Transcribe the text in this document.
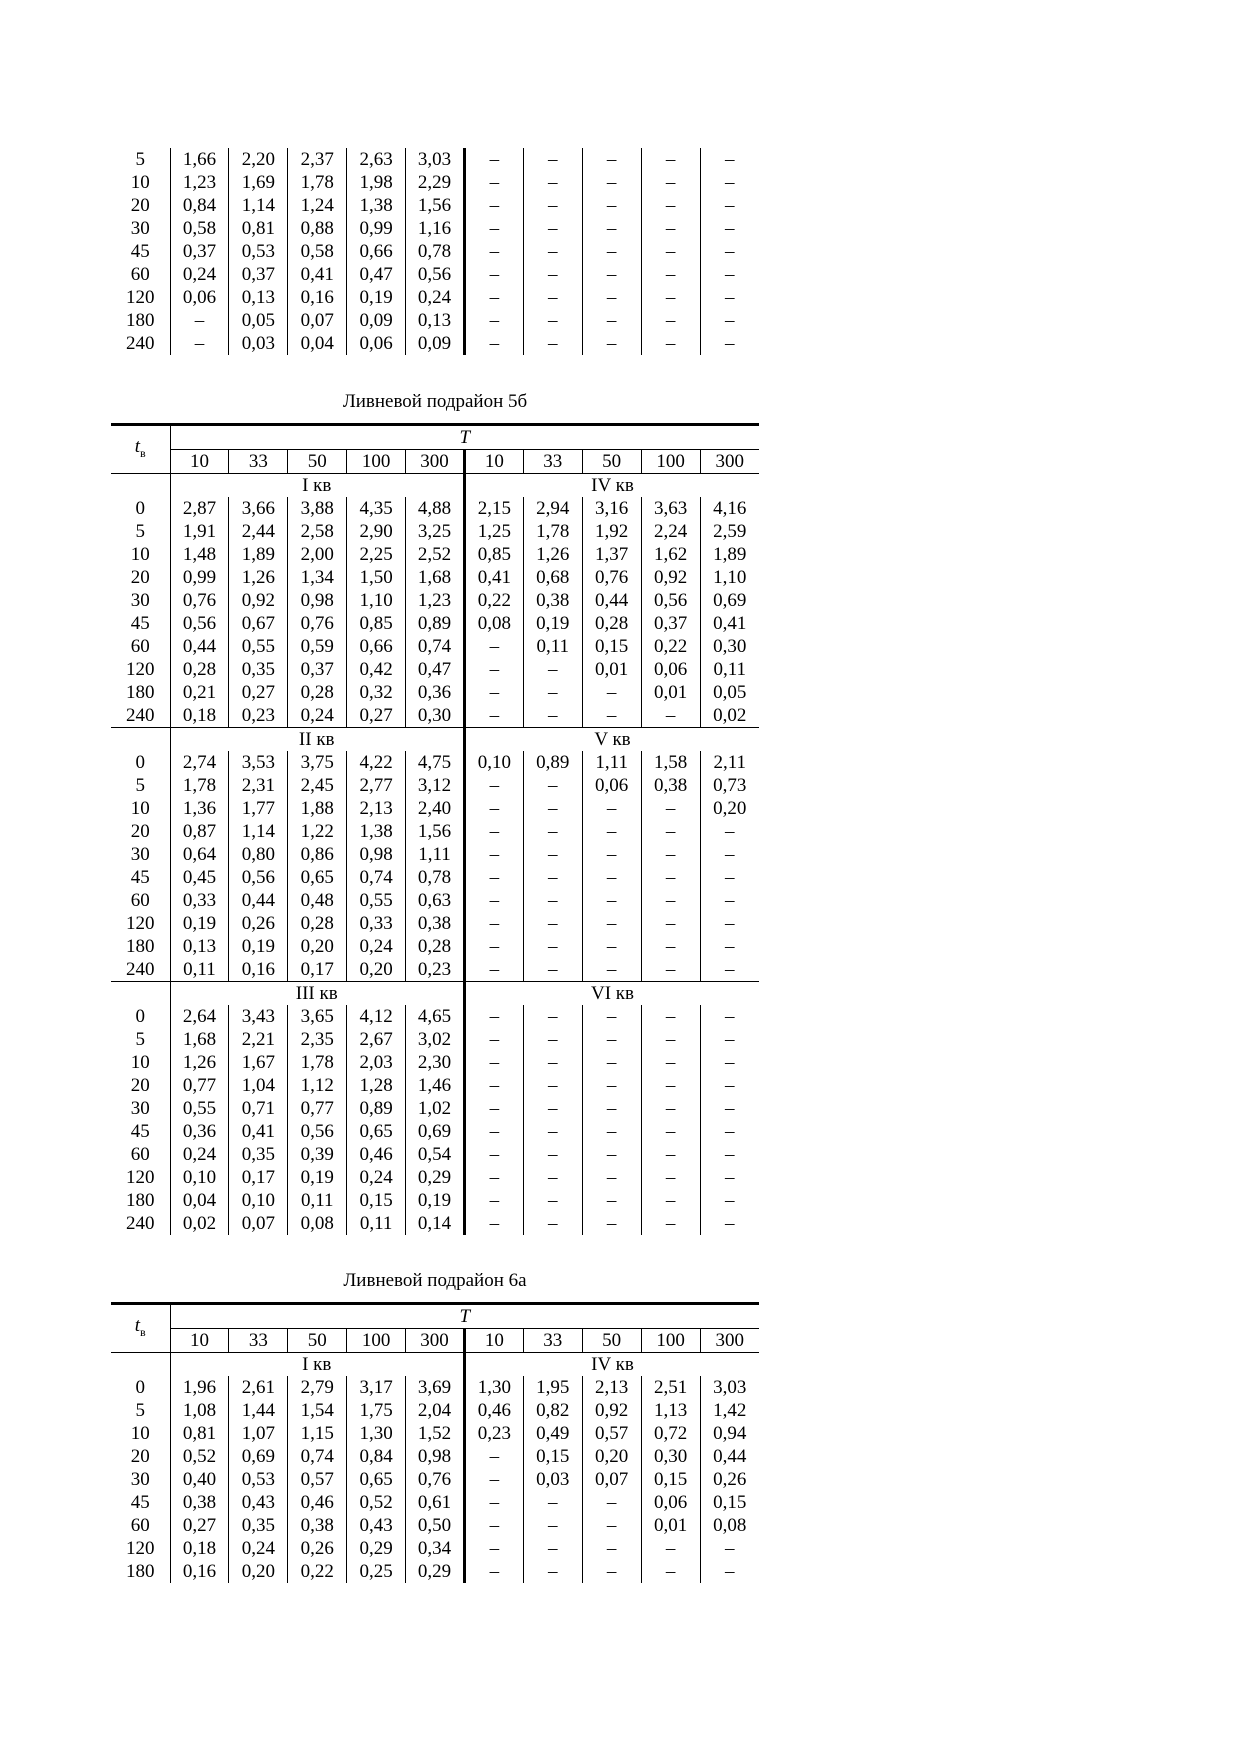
5	1,66	2,20	2,37	2,63	3,03	–	–	–	–	–
10	1,23	1,69	1,78	1,98	2,29	–	–	–	–	–
20	0,84	1,14	1,24	1,38	1,56	–	–	–	–	–
30	0,58	0,81	0,88	0,99	1,16	–	–	–	–	–
45	0,37	0,53	0,58	0,66	0,78	–	–	–	–	–
60	0,24	0,37	0,41	0,47	0,56	–	–	–	–	–
120	0,06	0,13	0,16	0,19	0,24	–	–	–	–	–
180	–	0,05	0,07	0,09	0,13	–	–	–	–	–
240	–	0,03	0,04	0,06	0,09	–	–	–	–	–
Ливневой подрайон 5б
$t_в$	T									
	10	33	50	100	300	10	33	50	100	300
	I кв					IV кв				
0	2,87	3,66	3,88	4,35	4,88	2,15	2,94	3,16	3,63	4,16
5	1,91	2,44	2,58	2,90	3,25	1,25	1,78	1,92	2,24	2,59
10	1,48	1,89	2,00	2,25	2,52	0,85	1,26	1,37	1,62	1,89
20	0,99	1,26	1,34	1,50	1,68	0,41	0,68	0,76	0,92	1,10
30	0,76	0,92	0,98	1,10	1,23	0,22	0,38	0,44	0,56	0,69
45	0,56	0,67	0,76	0,85	0,89	0,08	0,19	0,28	0,37	0,41
60	0,44	0,55	0,59	0,66	0,74	–	0,11	0,15	0,22	0,30
120	0,28	0,35	0,37	0,42	0,47	–	–	0,01	0,06	0,11
180	0,21	0,27	0,28	0,32	0,36	–	–	–	0,01	0,05
240	0,18	0,23	0,24	0,27	0,30	–	–	–	–	0,02
	II кв					V кв				
0	2,74	3,53	3,75	4,22	4,75	0,10	0,89	1,11	1,58	2,11
5	1,78	2,31	2,45	2,77	3,12	–	–	0,06	0,38	0,73
10	1,36	1,77	1,88	2,13	2,40	–	–	–	–	0,20
20	0,87	1,14	1,22	1,38	1,56	–	–	–	–	–
30	0,64	0,80	0,86	0,98	1,11	–	–	–	–	–
45	0,45	0,56	0,65	0,74	0,78	–	–	–	–	–
60	0,33	0,44	0,48	0,55	0,63	–	–	–	–	–
120	0,19	0,26	0,28	0,33	0,38	–	–	–	–	–
180	0,13	0,19	0,20	0,24	0,28	–	–	–	–	–
240	0,11	0,16	0,17	0,20	0,23	–	–	–	–	–
	III кв					VI кв				
0	2,64	3,43	3,65	4,12	4,65	–	–	–	–	–
5	1,68	2,21	2,35	2,67	3,02	–	–	–	–	–
10	1,26	1,67	1,78	2,03	2,30	–	–	–	–	–
20	0,77	1,04	1,12	1,28	1,46	–	–	–	–	–
30	0,55	0,71	0,77	0,89	1,02	–	–	–	–	–
45	0,36	0,41	0,56	0,65	0,69	–	–	–	–	–
60	0,24	0,35	0,39	0,46	0,54	–	–	–	–	–
120	0,10	0,17	0,19	0,24	0,29	–	–	–	–	–
180	0,04	0,10	0,11	0,15	0,19	–	–	–	–	–
240	0,02	0,07	0,08	0,11	0,14	–	–	–	–	–
Ливневой подрайон 6а
$t_в$	T									
	10	33	50	100	300	10	33	50	100	300
	I кв					IV кв				
0	1,96	2,61	2,79	3,17	3,69	1,30	1,95	2,13	2,51	3,03
5	1,08	1,44	1,54	1,75	2,04	0,46	0,82	0,92	1,13	1,42
10	0,81	1,07	1,15	1,30	1,52	0,23	0,49	0,57	0,72	0,94
20	0,52	0,69	0,74	0,84	0,98	–	0,15	0,20	0,30	0,44
30	0,40	0,53	0,57	0,65	0,76	–	0,03	0,07	0,15	0,26
45	0,38	0,43	0,46	0,52	0,61	–	–	–	0,06	0,15
60	0,27	0,35	0,38	0,43	0,50	–	–	–	0,01	0,08
120	0,18	0,24	0,26	0,29	0,34	–	–	–	–	–
180	0,16	0,20	0,22	0,25	0,29	–	–	–	–	–
